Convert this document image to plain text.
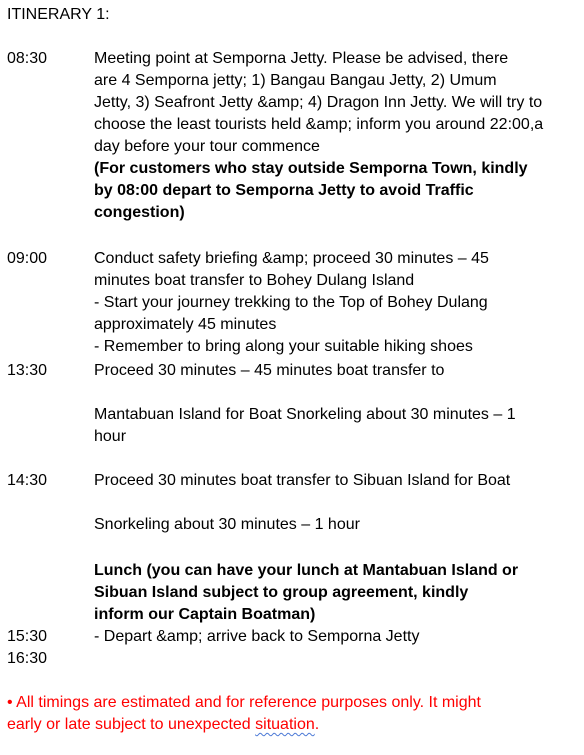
ITINERARY 1:
08:30	Meeting point at Semporna Jetty. Please be advised, there
are 4 Semporna jetty; 1) Bangau Bangau Jetty, 2) Umum
Jetty, 3) Seafront Jetty &amp; 4) Dragon Inn Jetty. We will try to
choose the least tourists held &amp; inform you around 22:00,a
day before your tour commence
(For customers who stay outside Semporna Town, kindly
by 08:00 depart to Semporna Jetty to avoid Traffic
congestion)
09:00	Conduct safety briefing &amp; proceed 30 minutes – 45
minutes boat transfer to Bohey Dulang Island
- Start your journey trekking to the Top of Bohey Dulang
approximately 45 minutes
- Remember to bring along your suitable hiking shoes
13:30	Proceed 30 minutes – 45 minutes boat transfer to
Mantabuan Island for Boat Snorkeling about 30 minutes – 1
hour
14:30	Proceed 30 minutes boat transfer to Sibuan Island for Boat
Snorkeling about 30 minutes – 1 hour
Lunch (you can have your lunch at Mantabuan Island or
Sibuan Island subject to group agreement, kindly
inform our Captain Boatman)
15:30	- Depart &amp; arrive back to Semporna Jetty
16:30
• All timings are estimated and for reference purposes only. It might
early or late subject to unexpected situation.
